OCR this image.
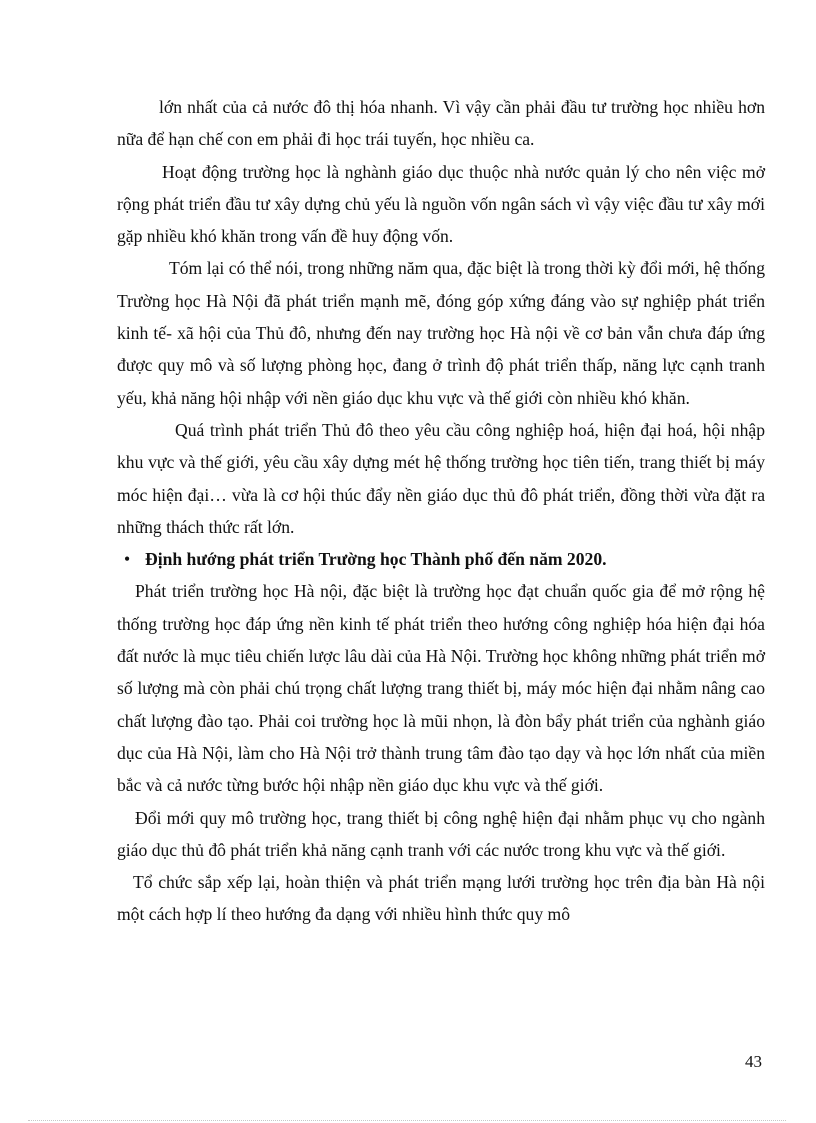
lớn nhất của cả nước đô thị hóa nhanh. Vì vậy cần phải đầu tư trường học nhiều hơn nữa để hạn chế con em phải đi học trái tuyến, học nhiều ca.

Hoạt động trường học là nghành giáo dục thuộc nhà nước quản lý cho nên việc mở rộng phát triển đầu tư xây dựng chủ yếu là nguồn vốn ngân sách vì vậy việc đầu tư xây mới gặp nhiều khó khăn trong vấn đề huy động vốn.

Tóm lại có thể nói, trong những năm qua, đặc biệt là trong thời kỳ đổi mới, hệ thống Trường học Hà Nội đã phát triển mạnh mẽ, đóng góp xứng đáng vào sự nghiệp phát triển kinh tế- xã hội của Thủ đô, nhưng đến nay trường học Hà nội về cơ bản vẫn chưa đáp ứng được quy mô và số lượng phòng học, đang ở trình độ phát triển thấp, năng lực cạnh tranh yếu, khả năng hội nhập với nền giáo dục khu vực và thế giới còn nhiều khó khăn.

Quá trình phát triển Thủ đô theo yêu cầu công nghiệp hoá, hiện đại hoá, hội nhập khu vực và thế giới, yêu cầu xây dựng mét hệ thống trường học tiên tiến, trang thiết bị máy móc hiện đại… vừa là cơ hội thúc đẩy nền giáo dục thủ đô phát triển, đồng thời vừa đặt ra những thách thức rất lớn.

• Định hướng phát triển Trường học Thành phố đến năm 2020.

Phát triển trường học Hà nội, đặc biệt là trường học đạt chuẩn quốc gia để mở rộng hệ thống trường học đáp ứng nền kinh tế phát triển theo hướng công nghiệp hóa hiện đại hóa đất nước là mục tiêu chiến lược lâu dài của Hà Nội. Trường học không những phát triển mở số lượng mà còn phải chú trọng chất lượng trang thiết bị, máy móc hiện đại nhằm nâng cao chất lượng đào tạo. Phải coi trường học là mũi nhọn, là đòn bẩy phát triển của nghành giáo dục của Hà Nội, làm cho Hà Nội trở thành trung tâm đào tạo dạy và học lớn nhất của miền bắc và cả nước từng bước hội nhập nền giáo dục khu vực và thế giới.

Đổi mới quy mô trường học, trang thiết bị công nghệ hiện đại nhằm phục vụ cho ngành giáo dục thủ đô phát triển khả năng cạnh tranh với các nước trong khu vực và thế giới.

Tổ chức sắp xếp lại, hoàn thiện và phát triển mạng lưới trường học trên địa bàn Hà nội một cách hợp lí theo hướng đa dạng với nhiều hình thức quy mô

43
